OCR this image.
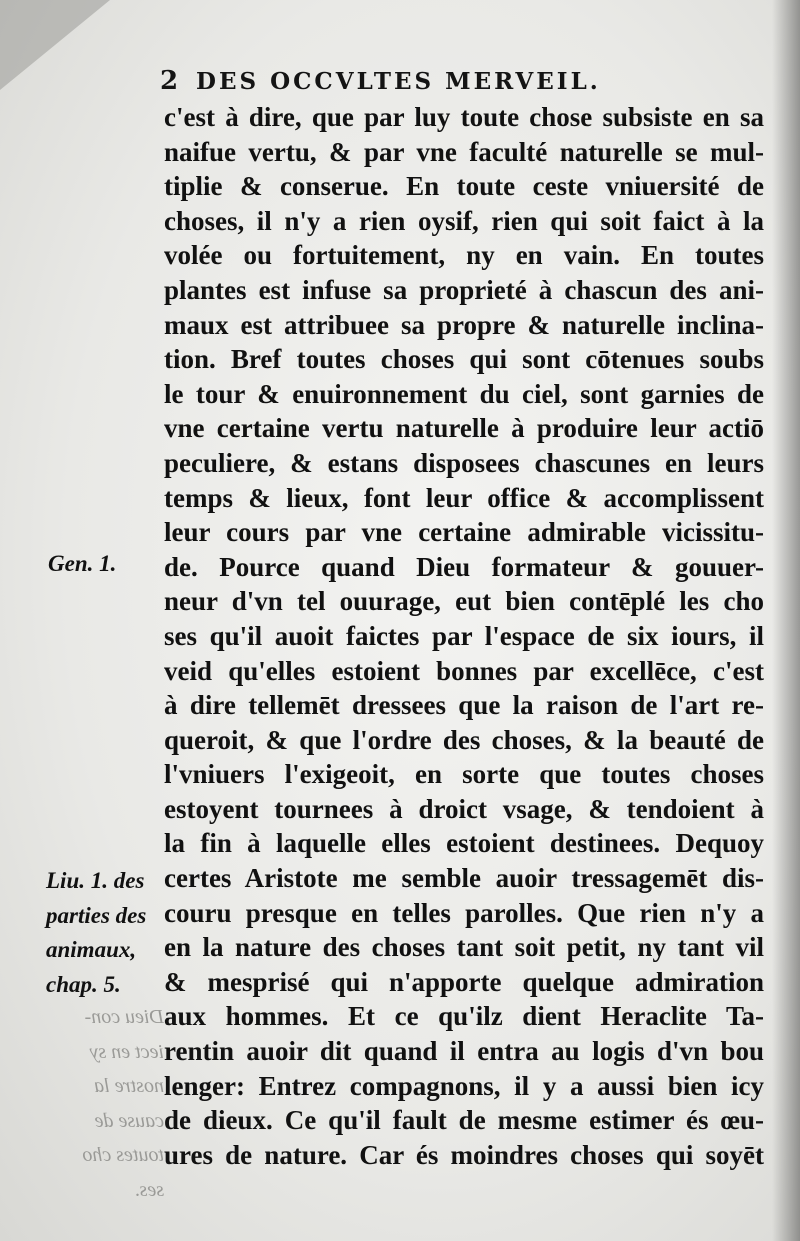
2 DES OCCVLTES MERVEIL.
c'est à dire, que par luy toute chose subsiste en sa
naifue vertu, & par vne faculté naturelle se mul-
tiplie & conserue. En toute ceste vniuersité de
choses, il n'y a rien oysif, rien qui soit faict à la
volée ou fortuitement, ny en vain. En toutes
plantes est infuse sa proprieté à chascun des ani-
maux est attribuee sa propre & naturelle inclina-
tion. Bref toutes choses qui sont cōtenues soubs
le tour & enuironnement du ciel, sont garnies de
vne certaine vertu naturelle à produire leur actiō
peculiere, & estans disposees chascunes en leurs
temps & lieux, font leur office & accomplissent
leur cours par vne certaine admirable vicissitu-
de. Pource quand Dieu formateur & gouuer-
neur d'vn tel ouurage, eut bien contēplé les cho
ses qu'il auoit faictes par l'espace de six iours, il
veid qu'elles estoient bonnes par excellēce, c'est
à dire tellemēt dressees que la raison de l'art re-
queroit, & que l'ordre des choses, & la beauté de
l'vniuers l'exigeoit, en sorte que toutes choses
estoyent tournees à droict vsage, & tendoient à
la fin à laquelle elles estoient destinees. Dequoy
certes Aristote me semble auoir tressagemēt dis-
couru presque en telles parolles. Que rien n'y a
en la nature des choses tant soit petit, ny tant vil
& mesprisé qui n'apporte quelque admiration
aux hommes. Et ce qu'ilz dient Heraclite Ta-
rentin auoir dit quand il entra au logis d'vn bou
lenger: Entrez compagnons, il y a aussi bien icy
de dieux. Ce qu'il fault de mesme estimer és œu-
ures de nature. Car és moindres choses qui soyēt
Gen. 1.
Liu. 1. des
parties des
animaux,
chap. 5.
Dieu con-
iect en sy
nostre la
cause de
toutes cho
ses.
